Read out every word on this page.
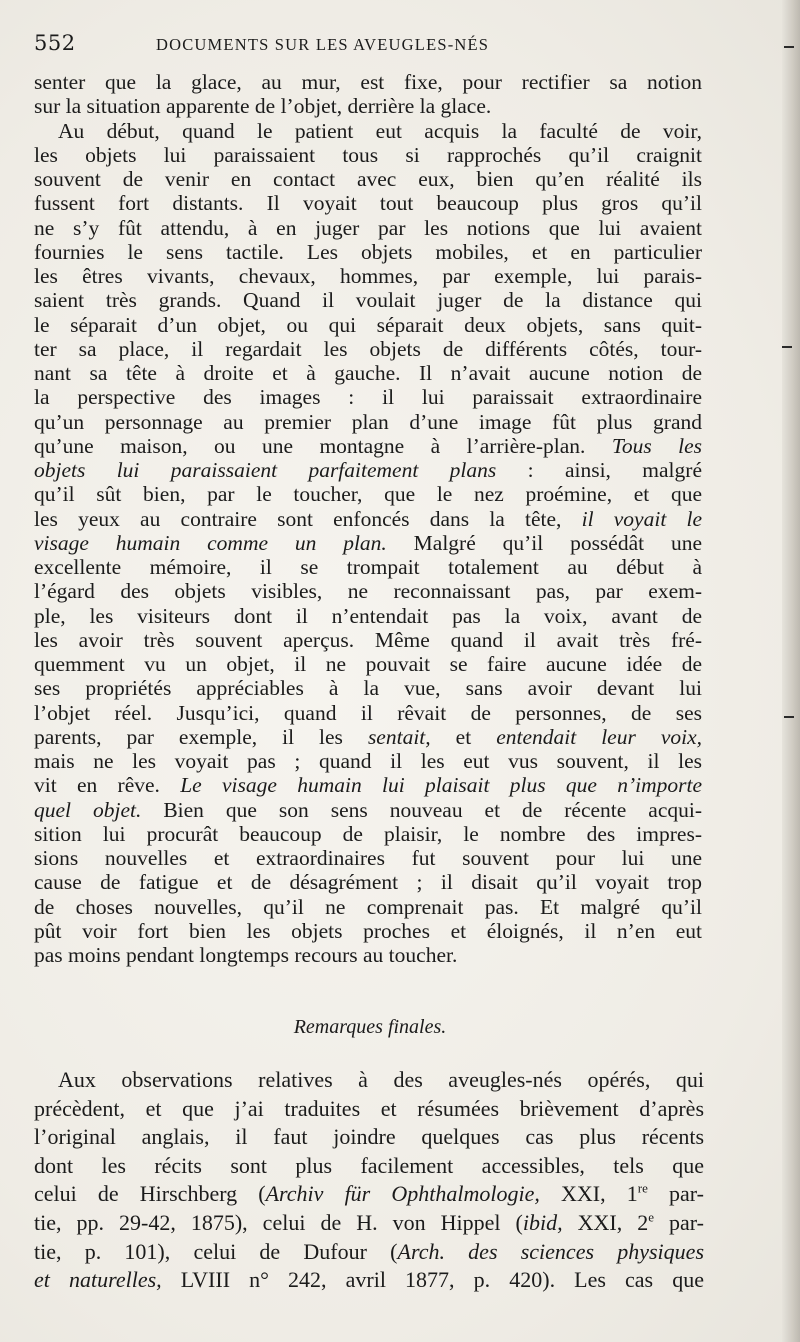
552	DOCUMENTS SUR LES AVEUGLES-NÉS
senter que la glace, au mur, est fixe, pour rectifier sa notion
sur la situation apparente de l’objet, derrière la glace.
Au début, quand le patient eut acquis la faculté de voir,
les objets lui paraissaient tous si rapprochés qu’il craignit
souvent de venir en contact avec eux, bien qu’en réalité ils
fussent fort distants. Il voyait tout beaucoup plus gros qu’il
ne s’y fût attendu, à en juger par les notions que lui avaient
fournies le sens tactile. Les objets mobiles, et en particulier
les êtres vivants, chevaux, hommes, par exemple, lui parais-
saient très grands. Quand il voulait juger de la distance qui
le séparait d’un objet, ou qui séparait deux objets, sans quit-
ter sa place, il regardait les objets de différents côtés, tour-
nant sa tête à droite et à gauche. Il n’avait aucune notion de
la perspective des images : il lui paraissait extraordinaire
qu’un personnage au premier plan d’une image fût plus grand
qu’une maison, ou une montagne à l’arrière-plan. Tous les
objets lui paraissaient parfaitement plans : ainsi, malgré
qu’il sût bien, par le toucher, que le nez proémine, et que
les yeux au contraire sont enfoncés dans la tête, il voyait le
visage humain comme un plan. Malgré qu’il possédât une
excellente mémoire, il se trompait totalement au début à
l’égard des objets visibles, ne reconnaissant pas, par exem-
ple, les visiteurs dont il n’entendait pas la voix, avant de
les avoir très souvent aperçus. Même quand il avait très fré-
quemment vu un objet, il ne pouvait se faire aucune idée de
ses propriétés appréciables à la vue, sans avoir devant lui
l’objet réel. Jusqu’ici, quand il rêvait de personnes, de ses
parents, par exemple, il les sentait, et entendait leur voix,
mais ne les voyait pas ; quand il les eut vus souvent, il les
vit en rêve. Le visage humain lui plaisait plus que n’importe
quel objet. Bien que son sens nouveau et de récente acqui-
sition lui procurât beaucoup de plaisir, le nombre des impres-
sions nouvelles et extraordinaires fut souvent pour lui une
cause de fatigue et de désagrément ; il disait qu’il voyait trop
de choses nouvelles, qu’il ne comprenait pas. Et malgré qu’il
pût voir fort bien les objets proches et éloignés, il n’en eut
pas moins pendant longtemps recours au toucher.
Remarques finales.
Aux observations relatives à des aveugles-nés opérés, qui
précèdent, et que j’ai traduites et résumées brièvement d’après
l’original anglais, il faut joindre quelques cas plus récents
dont les récits sont plus facilement accessibles, tels que
celui de Hirschberg (Archiv für Ophthalmologie, XXI, 1re par-
tie, pp. 29-42, 1875), celui de H. von Hippel (ibid, XXI, 2e par-
tie, p. 101), celui de Dufour (Arch. des sciences physiques
et naturelles, LVIII n° 242, avril 1877, p. 420). Les cas que
